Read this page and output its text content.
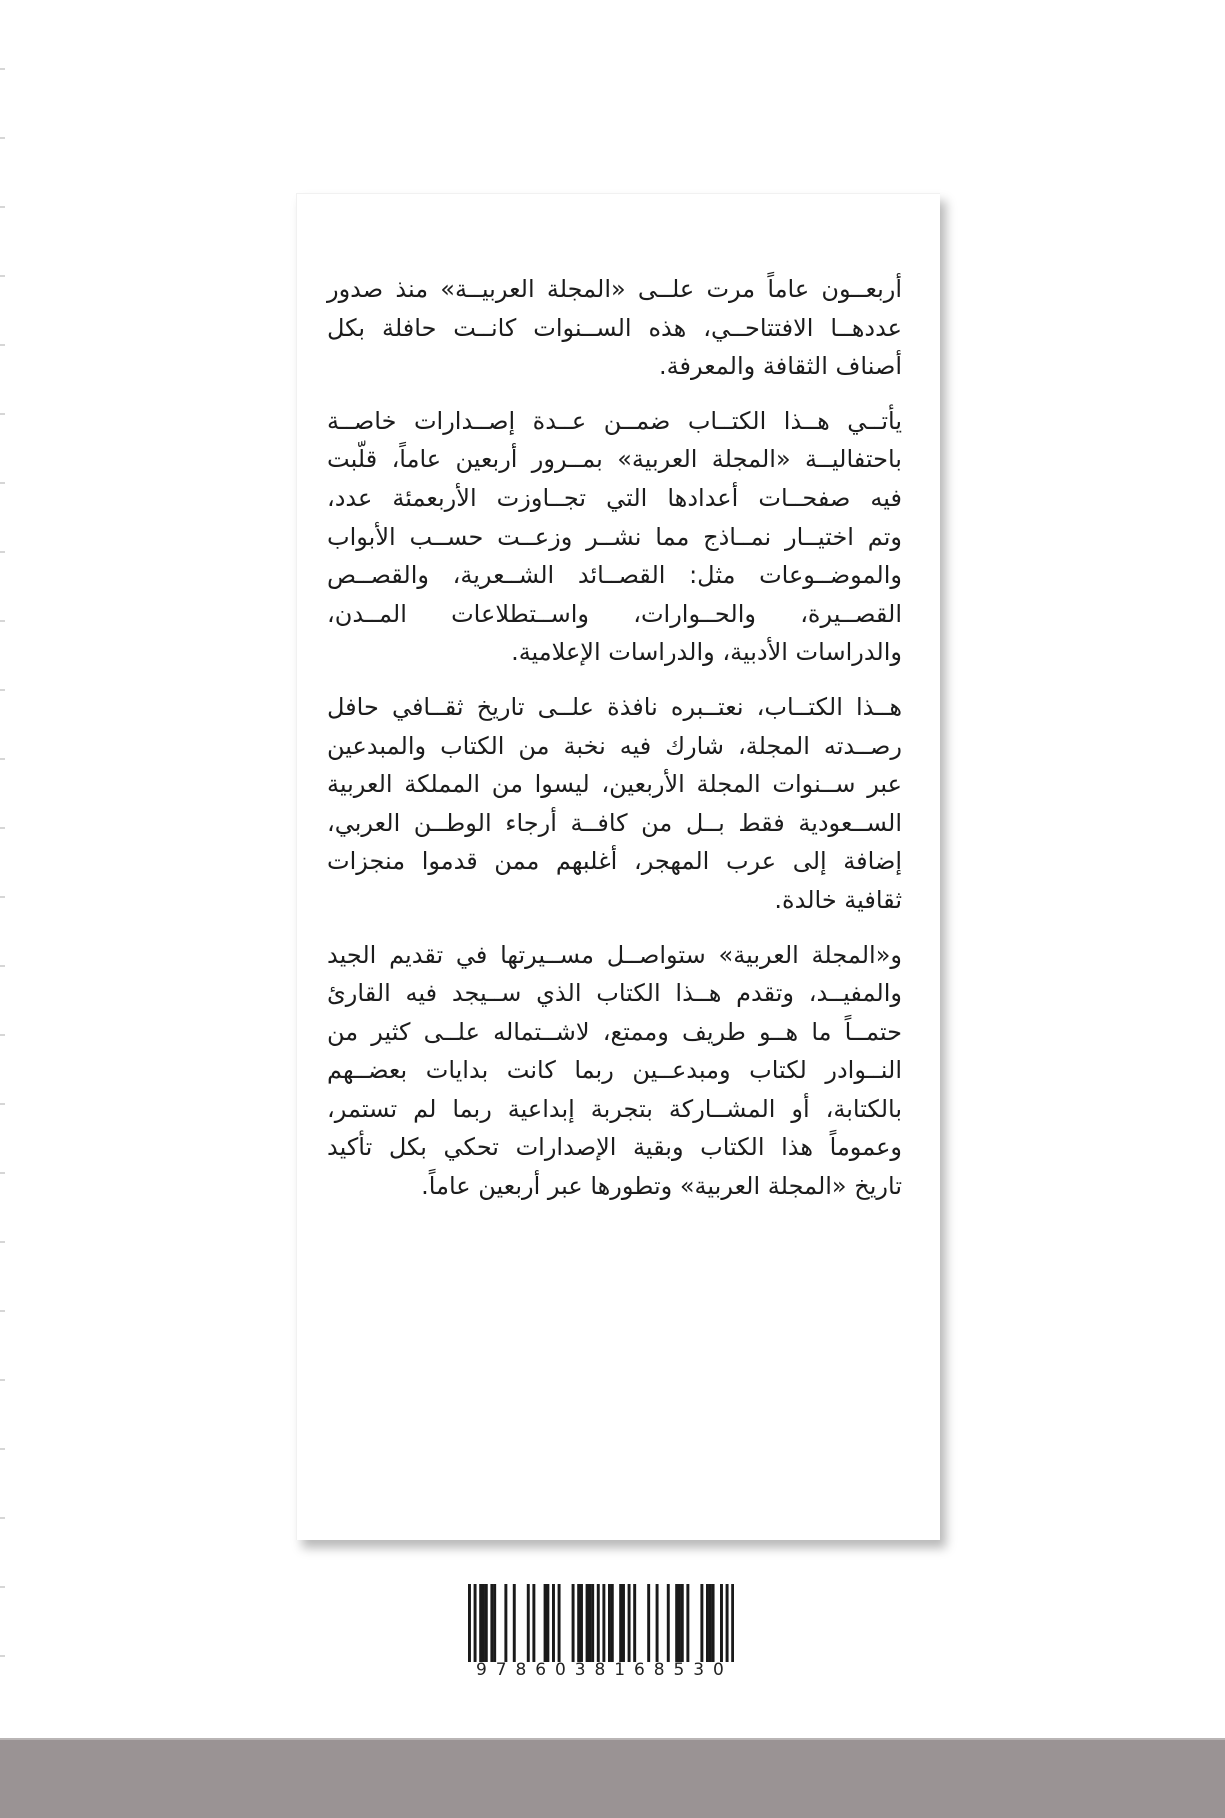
أربعــون عاماً مرت علــى «المجلة العربيــة» منذ صدور
عددهــا الافتتاحــي، هذه الســنوات كانــت حافلة بكل
أصناف الثقافة والمعرفة.
يأتــي هــذا الكتــاب ضمــن عــدة إصــدارات خاصــة
باحتفاليــة «المجلة العربية» بمــرور أربعين عاماً، قلّبت
فيه صفحــات أعدادها التي تجــاوزت الأربعمئة عدد،
وتم اختيــار نمــاذج مما نشــر وزعــت حســب الأبواب
والموضــوعات مثل: القصــائد الشــعرية، والقصــص
القصــيرة، والحــوارات، واســتطلاعات المــدن،
والدراسات الأدبية، والدراسات الإعلامية.
هــذا الكتــاب، نعتــبره نافذة علــى تاريخ ثقــافي حافل
رصــدته المجلة، شارك فيه نخبة من الكتاب والمبدعين
عبر ســنوات المجلة الأربعين، ليسوا من المملكة العربية
الســعودية فقط بــل من كافــة أرجاء الوطــن العربي،
إضافة إلى عرب المهجر، أغلبهم ممن قدموا منجزات
ثقافية خالدة.
و«المجلة العربية» ستواصــل مســيرتها في تقديم الجيد
والمفيــد، وتقدم هــذا الكتاب الذي ســيجد فيه القارئ
حتمــاً ما هــو طريف وممتع، لاشــتماله علــى كثير من
النــوادر لكتاب ومبدعــين ربما كانت بدايات بعضــهم
بالكتابة، أو المشــاركة بتجربة إبداعية ربما لم تستمر،
وعموماً هذا الكتاب وبقية الإصدارات تحكي بكل تأكيد
تاريخ «المجلة العربية» وتطورها عبر أربعين عاماً.
9 7 8 6 0 3 8 1 6 8 5 3 0
